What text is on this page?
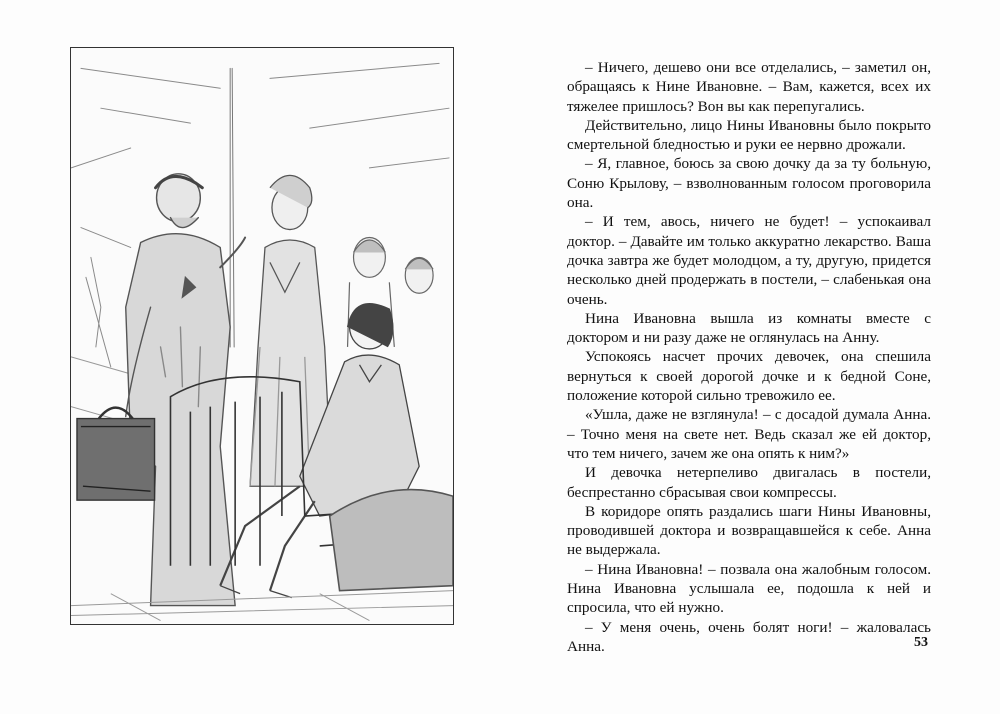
– Ничего, дешево они все отделались, – заметил он, обращаясь к Нине Ивановне. – Вам, кажется, всех их тяжелее пришлось? Вон вы как перепугались.

Действительно, лицо Нины Ивановны было покрыто смертельной бледностью и руки ее нервно дрожали.

– Я, главное, боюсь за свою дочку да за ту больную, Соню Крылову, – взволнованным голосом проговорила она.

– И тем, авось, ничего не будет! – успокаивал доктор. – Давайте им только аккуратно лекарство. Ваша дочка завтра же будет молодцом, а ту, другую, придется несколько дней продержать в постели, – слабенькая она очень.

Нина Ивановна вышла из комнаты вместе с доктором и ни разу даже не оглянулась на Анну.

Успокоясь насчет прочих девочек, она спешила вернуться к своей дорогой дочке и к бедной Соне, положение которой сильно тревожило ее.

«Ушла, даже не взглянула! – с досадой думала Анна. – Точно меня на свете нет. Ведь сказал же ей доктор, что тем ничего, зачем же она опять к ним?»

И девочка нетерпеливо двигалась в постели, беспрестанно сбрасывая свои компрессы.

В коридоре опять раздались шаги Нины Ивановны, проводившей доктора и возвращавшейся к себе. Анна не выдержала.

– Нина Ивановна! – позвала она жалобным голосом. Нина Ивановна услышала ее, подошла к ней и спросила, что ей нужно.

– У меня очень, очень болят ноги! – жаловалась Анна.	53
